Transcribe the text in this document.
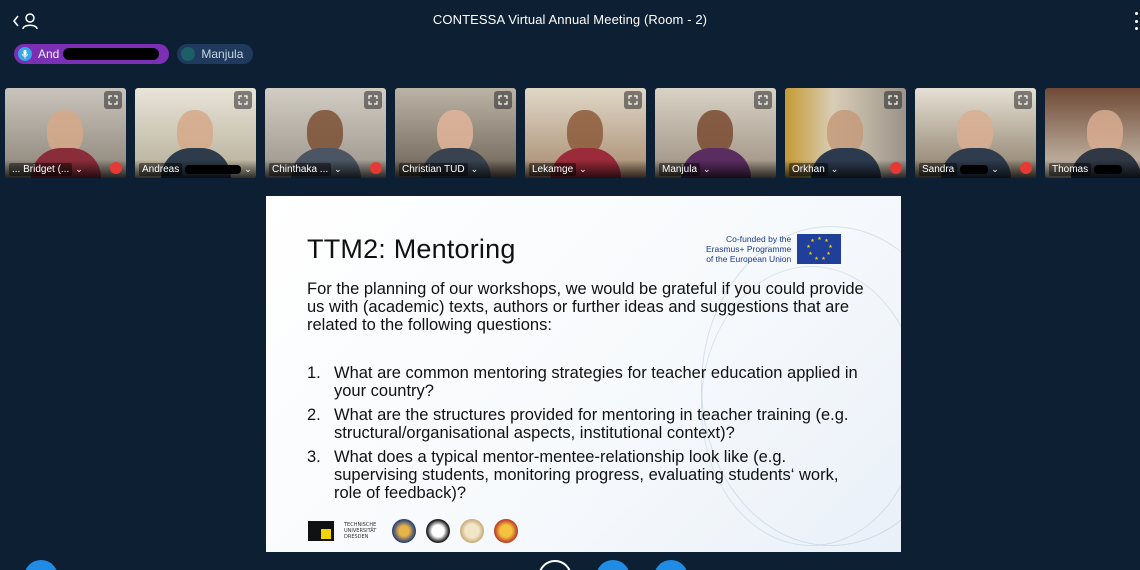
CONTESSA Virtual Annual Meeting (Room - 2)
And	Manjula
... Bridget (... ⌄	Andreas	⌄	Chinthaka ... ⌄	Christian TUD ⌄	Lekamge ⌄	Manjula ⌄	Orkhan ⌄	Sandra	⌄	Thomas
TTM2: Mentoring	Co-funded by the
Erasmus+ Programme
of the European Union
★ ★
★
★
★
★
★
★
★

For the planning of our workshops, we would be grateful if you could provide us with (academic) texts, authors or further ideas and suggestions that are related to the following questions:

1. What are common mentoring strategies for teacher education applied in your country?
2. What are the structures provided for mentoring in teacher training (e.g. structural/organisational aspects, institutional context)?
3. What does a typical mentor-mentee-relationship look like (e.g. supervising students, monitoring progress, evaluating students‘ work, role of feedback)?
TECHNISCHE UNIVERSITÄT DRESDEN
